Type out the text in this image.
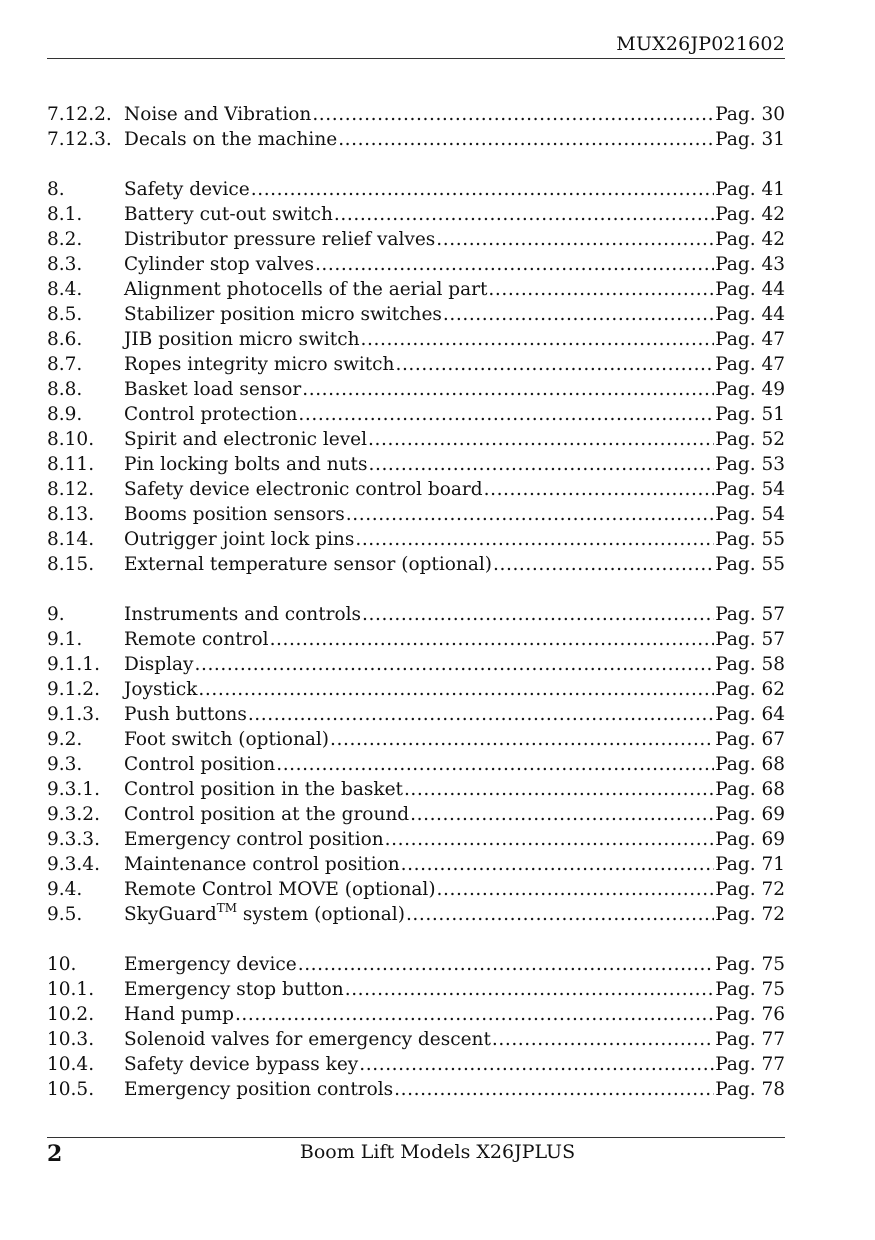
MUX26JP021602
7.12.2. Noise and Vibration .....	Pag. 30
7.12.3. Decals on the machine .....	Pag. 31
8.	Safety device .....	Pag. 41
8.1.	Battery cut-out switch .....	Pag. 42
8.2.	Distributor pressure relief valves .....	Pag. 42
8.3.	Cylinder stop valves .....	Pag. 43
8.4.	Alignment photocells of the aerial part .....	Pag. 44
8.5.	Stabilizer position micro switches .....	Pag. 44
8.6.	JIB position micro switch .....	Pag. 47
8.7.	Ropes integrity micro switch .....	Pag. 47
8.8.	Basket load sensor .....	Pag. 49
8.9.	Control protection .....	Pag. 51
8.10.	Spirit and electronic level .....	Pag. 52
8.11.	Pin locking bolts and nuts .....	Pag. 53
8.12.	Safety device electronic control board .....	Pag. 54
8.13.	Booms position sensors .....	Pag. 54
8.14.	Outrigger joint lock pins .....	Pag. 55
8.15.	External temperature sensor (optional) .....	Pag. 55
9.	Instruments and controls .....	Pag. 57
9.1.	Remote control .....	Pag. 57
9.1.1.	Display .....	Pag. 58
9.1.2.	Joystick .....	Pag. 62
9.1.3.	Push buttons .....	Pag. 64
9.2.	Foot switch (optional) .....	Pag. 67
9.3.	Control position .....	Pag. 68
9.3.1.	Control position in the basket .....	Pag. 68
9.3.2.	Control position at the ground .....	Pag. 69
9.3.3.	Emergency control position .....	Pag. 69
9.3.4.	Maintenance control position .....	Pag. 71
9.4.	Remote Control MOVE (optional) .....	Pag. 72
9.5.	SkyGuard™ system (optional) .....	Pag. 72
10.	Emergency device .....	Pag. 75
10.1.	Emergency stop button .....	Pag. 75
10.2.	Hand pump .....	Pag. 76
10.3.	Solenoid valves for emergency descent .....	Pag. 77
10.4.	Safety device bypass key .....	Pag. 77
10.5.	Emergency position controls .....	Pag. 78
2	Boom Lift Models X26JPLUS
